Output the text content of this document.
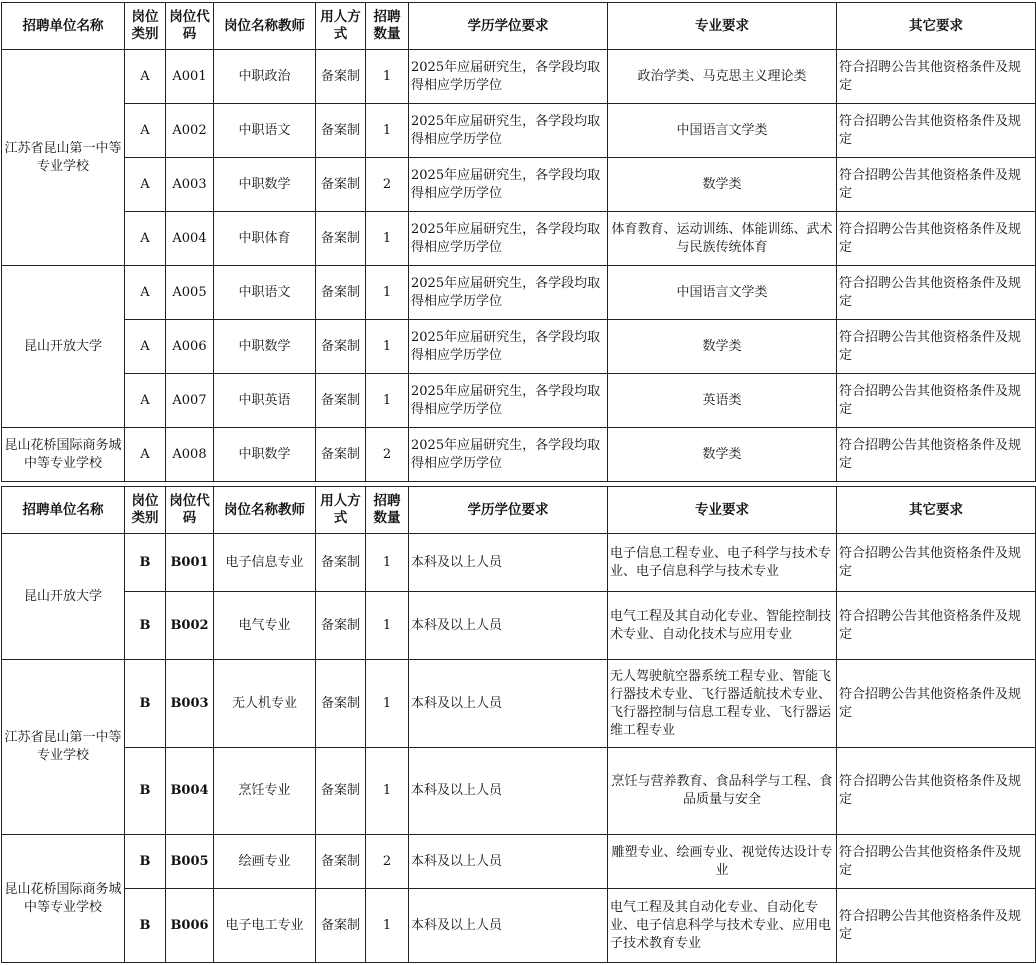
招聘单位名称	岗位类别	岗位代码	岗位名称教师	用人方式	招聘数量	学历学位要求	专业要求	其它要求
江苏省昆山第一中等专业学校	A	A001	中职政治	备案制	1	2025年应届研究生，各学段均取得相应学历学位	政治学类、马克思主义理论类	符合招聘公告其他资格条件及规定
	A	A002	中职语文	备案制	1	2025年应届研究生，各学段均取得相应学历学位	中国语言文学类	符合招聘公告其他资格条件及规定
	A	A003	中职数学	备案制	2	2025年应届研究生，各学段均取得相应学历学位	数学类	符合招聘公告其他资格条件及规定
	A	A004	中职体育	备案制	1	2025年应届研究生，各学段均取得相应学历学位	体育教育、运动训练、体能训练、武术与民族传统体育	符合招聘公告其他资格条件及规定
昆山开放大学	A	A005	中职语文	备案制	1	2025年应届研究生，各学段均取得相应学历学位	中国语言文学类	符合招聘公告其他资格条件及规定
	A	A006	中职数学	备案制	1	2025年应届研究生，各学段均取得相应学历学位	数学类	符合招聘公告其他资格条件及规定
	A	A007	中职英语	备案制	1	2025年应届研究生，各学段均取得相应学历学位	英语类	符合招聘公告其他资格条件及规定
昆山花桥国际商务城中等专业学校	A	A008	中职数学	备案制	2	2025年应届研究生，各学段均取得相应学历学位	数学类	符合招聘公告其他资格条件及规定
招聘单位名称	岗位类别	岗位代码	岗位名称教师	用人方式	招聘数量	学历学位要求	专业要求	其它要求
昆山开放大学	B	B001	电子信息专业	备案制	1	本科及以上人员	电子信息工程专业、电子科学与技术专业、电子信息科学与技术专业	符合招聘公告其他资格条件及规定
	B	B002	电气专业	备案制	1	本科及以上人员	电气工程及其自动化专业、智能控制技术专业、自动化技术与应用专业	符合招聘公告其他资格条件及规定
江苏省昆山第一中等专业学校	B	B003	无人机专业	备案制	1	本科及以上人员	无人驾驶航空器系统工程专业、智能飞行器技术专业、飞行器适航技术专业、飞行器控制与信息工程专业、飞行器运维工程专业	符合招聘公告其他资格条件及规定
	B	B004	烹饪专业	备案制	1	本科及以上人员	烹饪与营养教育、食品科学与工程、食品质量与安全	符合招聘公告其他资格条件及规定
昆山花桥国际商务城中等专业学校	B	B005	绘画专业	备案制	2	本科及以上人员	雕塑专业、绘画专业、视觉传达设计专业	符合招聘公告其他资格条件及规定
	B	B006	电子电工专业	备案制	1	本科及以上人员	电气工程及其自动化专业、自动化专业、电子信息科学与技术专业、应用电子技术教育专业	符合招聘公告其他资格条件及规定
